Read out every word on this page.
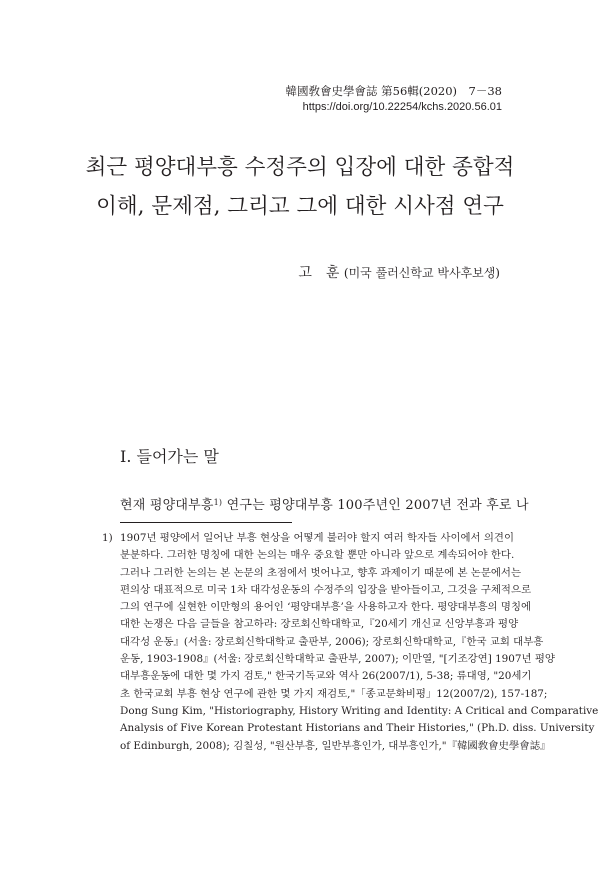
韓國敎會史學會誌 第56輯(2020)　7－38
https://doi.org/10.22254/kchs.2020.56.01
최근 평양대부흥 수정주의 입장에 대한 종합적
이해, 문제점, 그리고 그에 대한 시사점 연구
고　훈 (미국 풀러신학교 박사후보생)
I. 들어가는 말
현재 평양대부흥$^{1)}$ 연구는 평양대부흥 100주년인 2007년 전과 후로 나
1) 1907년 평양에서 일어난 부흥 현상을 어떻게 불러야 할지 여러 학자들 사이에서 의견이
분분하다. 그러한 명칭에 대한 논의는 매우 중요할 뿐만 아니라 앞으로 계속되어야 한다.
그러나 그러한 논의는 본 논문의 초점에서 벗어나고, 향후 과제이기 때문에 본 논문에서는
편의상 대표적으로 미국 1차 대각성운동의 수정주의 입장을 받아들이고, 그것을 구체적으로
그의 연구에 실현한 이만형의 용어인 ‘평양대부흥’을 사용하고자 한다. 평양대부흥의 명칭에
대한 논쟁은 다음 글들을 참고하라: 장로회신학대학교,『20세기 개신교 신앙부흥과 평양
대각성 운동』(서울: 장로회신학대학교 출판부, 2006); 장로회신학대학교,『한국 교회 대부흥
운동, 1903-1908』(서울: 장로회신학대학교 출판부, 2007); 이만열, "[기조강연] 1907년 평양
대부흥운동에 대한 몇 가지 검토," 한국기독교와 역사 26(2007/1), 5-38; 류대영, "20세기
초 한국교회 부흥 현상 연구에 관한 몇 가지 재검토,"「종교문화비평」12(2007/2), 157-187;
Dong Sung Kim, "Historiography, History Writing and Identity: A Critical and Comparative
Analysis of Five Korean Protestant Historians and Their Histories," (Ph.D. diss. University
of Edinburgh, 2008); 김칠성, "원산부흥, 일반부흥인가, 대부흥인가,"『韓國敎會史學會誌』
